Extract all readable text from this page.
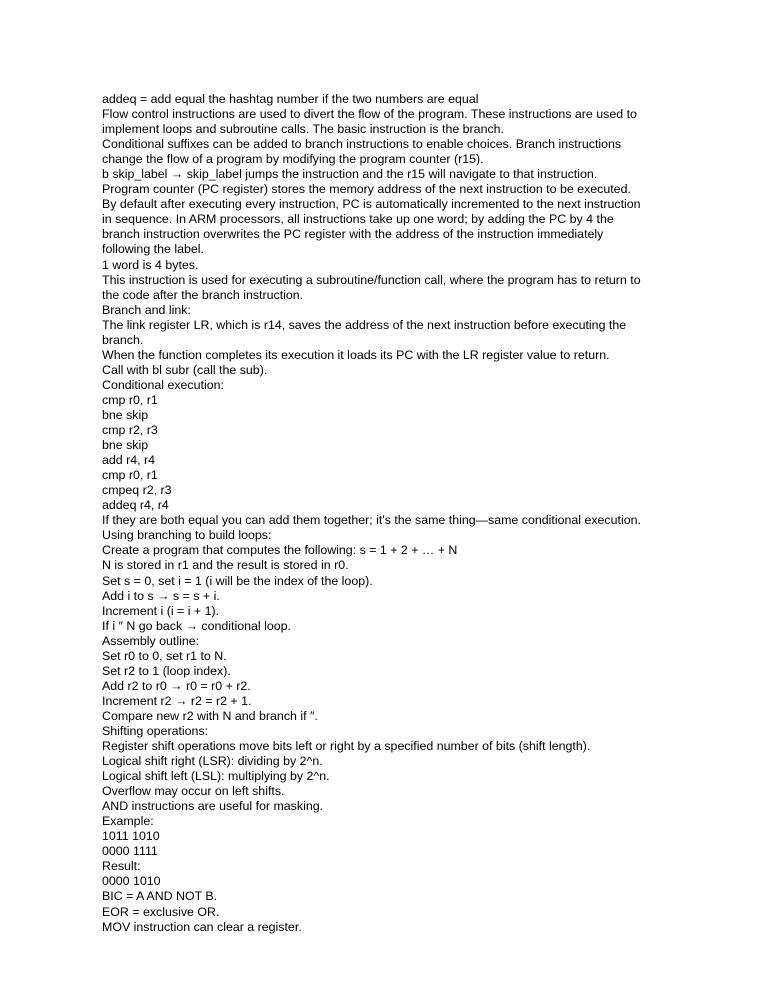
addeq = add equal the hashtag number if the two numbers are equal
Flow control instructions are used to divert the flow of the program. These instructions are used to
implement loops and subroutine calls. The basic instruction is the branch.
Conditional suffixes can be added to branch instructions to enable choices. Branch instructions
change the flow of a program by modifying the program counter (r15).
b skip_label → skip_label jumps the instruction and the r15 will navigate to that instruction.
Program counter (PC register) stores the memory address of the next instruction to be executed.
By default after executing every instruction, PC is automatically incremented to the next instruction
in sequence. In ARM processors, all instructions take up one word; by adding the PC by 4 the
branch instruction overwrites the PC register with the address of the instruction immediately
following the label.
1 word is 4 bytes.
This instruction is used for executing a subroutine/function call, where the program has to return to
the code after the branch instruction.
Branch and link:
The link register LR, which is r14, saves the address of the next instruction before executing the
branch.
When the function completes its execution it loads its PC with the LR register value to return.
Call with bl subr (call the sub).
Conditional execution:
cmp r0, r1
bne skip
cmp r2, r3
bne skip
add r4, r4
cmp r0, r1
cmpeq r2, r3
addeq r4, r4
If they are both equal you can add them together; it's the same thing—same conditional execution.
Using branching to build loops:
Create a program that computes the following: s = 1 + 2 + … + N
N is stored in r1 and the result is stored in r0.
Set s = 0, set i = 1 (i will be the index of the loop).
Add i to s → s = s + i.
Increment i (i = i + 1).
If i ″ N go back → conditional loop.
Assembly outline:
Set r0 to 0, set r1 to N.
Set r2 to 1 (loop index).
Add r2 to r0 → r0 = r0 + r2.
Increment r2 → r2 = r2 + 1.
Compare new r2 with N and branch if ″.
Shifting operations:
Register shift operations move bits left or right by a specified number of bits (shift length).
Logical shift right (LSR): dividing by 2^n.
Logical shift left (LSL): multiplying by 2^n.
Overflow may occur on left shifts.
AND instructions are useful for masking.
Example:
1011 1010
0000 1111
Result:
0000 1010
BIC = A AND NOT B.
EOR = exclusive OR.
MOV instruction can clear a register.
